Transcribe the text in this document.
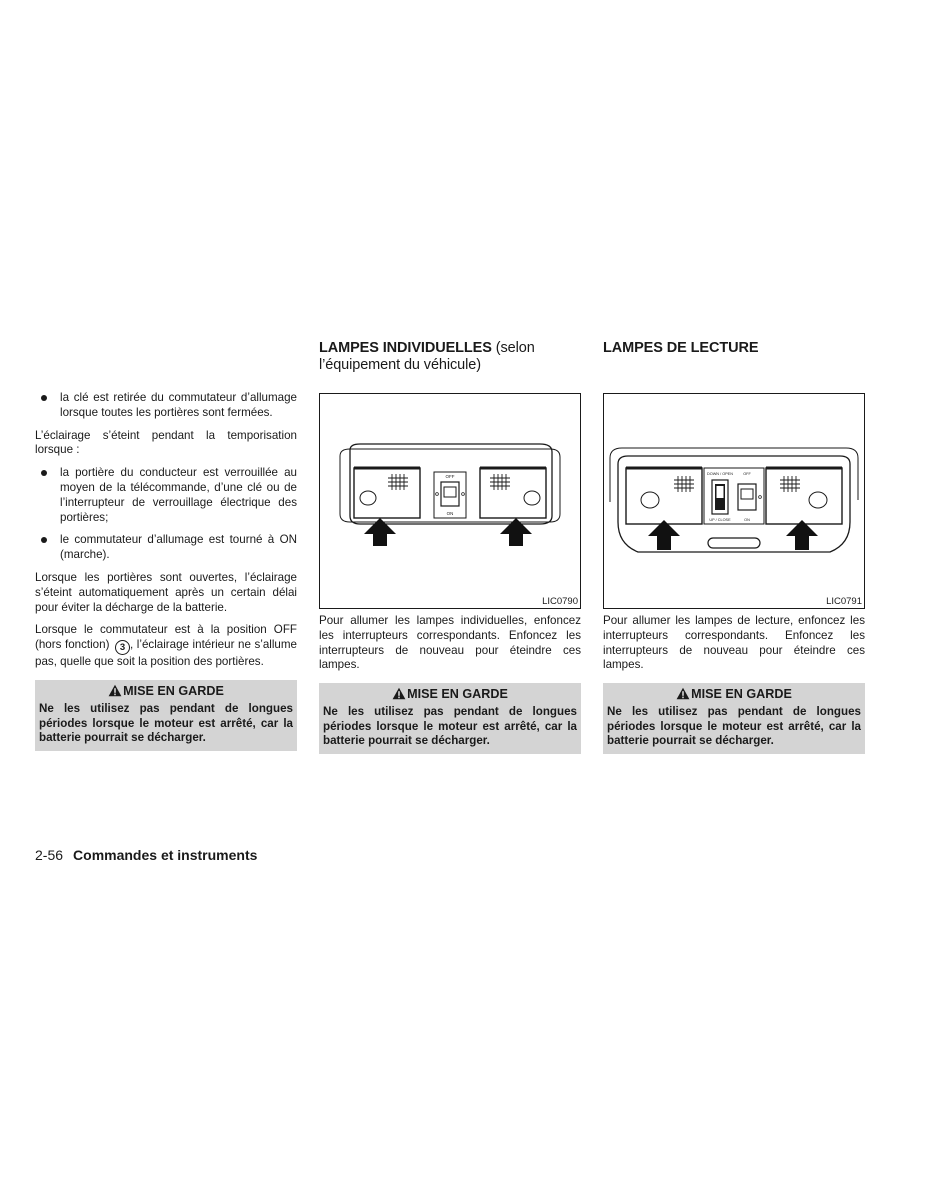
la clé est retirée du commutateur d’allumage lorsque toutes les portières sont fermées.

L’éclairage s’éteint pendant la temporisation lorsque :

la portière du conducteur est verrouillée au moyen de la télécommande, d’une clé ou de l’interrupteur de verrouillage électrique des portières;
le commutateur d’allumage est tourné à ON (marche).

Lorsque les portières sont ouvertes, l’éclairage s’éteint automatiquement après un certain délai pour éviter la décharge de la batterie.

Lorsque le commutateur est à la position OFF (hors fonction) 3 , l’éclairage intérieur ne s’allume pas, quelle que soit la position des portières.

MISE EN GARDE
Ne les utilisez pas pendant de longues périodes lorsque le moteur est arrêté, car la batterie pourrait se décharger.
LAMPES INDIVIDUELLES (selon l’équipement du véhicule)
OFF
ON
LIC0790

Pour allumer les lampes individuelles, enfoncez les interrupteurs correspondants. Enfoncez les interrupteurs de nouveau pour éteindre ces lampes.

MISE EN GARDE
Ne les utilisez pas pendant de longues périodes lorsque le moteur est arrêté, car la batterie pourrait se décharger.
LAMPES DE LECTURE
DOWN / OPEN
UP / CLOSE
OFF
ON
LIC0791

Pour allumer les lampes de lecture, enfoncez les interrupteurs correspondants. Enfoncez les interrupteurs de nouveau pour éteindre ces lampes.

MISE EN GARDE
Ne les utilisez pas pendant de longues périodes lorsque le moteur est arrêté, car la batterie pourrait se décharger.
2-56 Commandes et instruments
